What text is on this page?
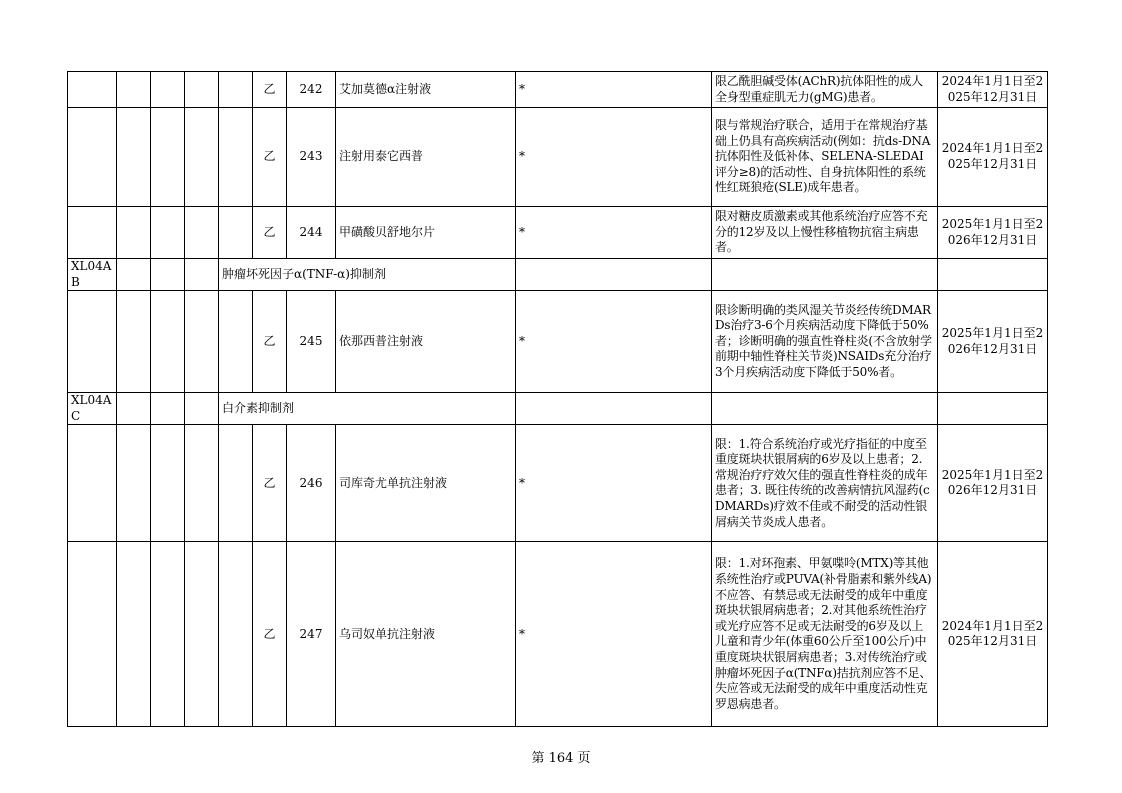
					乙	242	艾加莫德α注射液	*	限乙酰胆碱受体(AChR)抗体阳性的成人全身型重症肌无力(gMG)患者。	2024年1月1日至2025年12月31日
					乙	243	注射用泰它西普	*	限与常规治疗联合，适用于在常规治疗基础上仍具有高疾病活动(例如：抗ds-DNA抗体阳性及低补体、SELENA-SLEDAI评分≥8)的活动性、自身抗体阳性的系统性红斑狼疮(SLE)成年患者。	2024年1月1日至2025年12月31日
					乙	244	甲磺酸贝舒地尔片	*	限对糖皮质激素或其他系统治疗应答不充分的12岁及以上慢性移植物抗宿主病患者。	2025年1月1日至2026年12月31日
XL04AB				肿瘤坏死因子α(TNF-α)抑制剂						
					乙	245	依那西普注射液	*	限诊断明确的类风湿关节炎经传统DMARDs治疗3-6个月疾病活动度下降低于50%者；诊断明确的强直性脊柱炎(不含放射学前期中轴性脊柱关节炎)NSAIDs充分治疗3个月疾病活动度下降低于50%者。	2025年1月1日至2026年12月31日
XL04AC				白介素抑制剂						
					乙	246	司库奇尤单抗注射液	*	限：1.符合系统治疗或光疗指征的中度至重度斑块状银屑病的6岁及以上患者；2.常规治疗疗效欠佳的强直性脊柱炎的成年患者；3. 既往传统的改善病情抗风湿药(cDMARDs)疗效不佳或不耐受的活动性银屑病关节炎成人患者。	2025年1月1日至2026年12月31日
					乙	247	乌司奴单抗注射液	*	限：1.对环孢素、甲氨喋呤(MTX)等其他系统性治疗或PUVA(补骨脂素和紫外线A)不应答、有禁忌或无法耐受的成年中重度斑块状银屑病患者；2.对其他系统性治疗或光疗应答不足或无法耐受的6岁及以上儿童和青少年(体重60公斤至100公斤)中重度斑块状银屑病患者；3.对传统治疗或肿瘤坏死因子α(TNFα)拮抗剂应答不足、失应答或无法耐受的成年中重度活动性克罗恩病患者。	2024年1月1日至2025年12月31日
第 164 页
